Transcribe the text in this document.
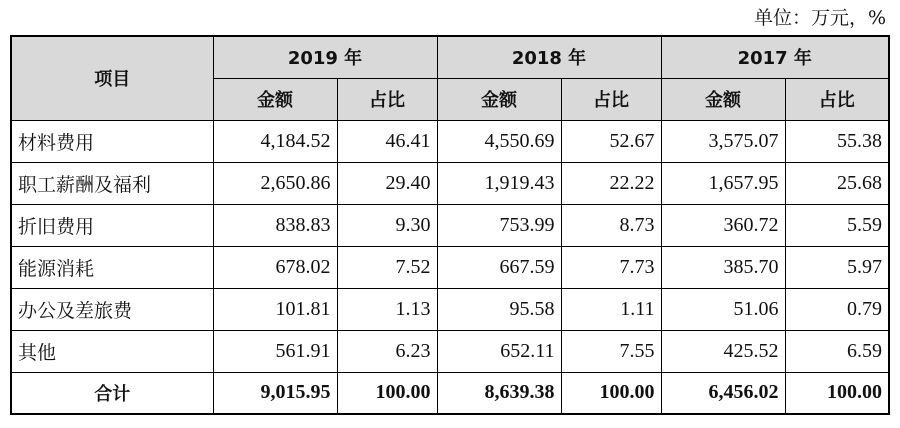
单位：万元，%
项目	2019 年		2018 年		2017 年	
	金额	占比	金额	占比	金额	占比
材料费用	4,184.52	46.41	4,550.69	52.67	3,575.07	55.38
职工薪酬及福利	2,650.86	29.40	1,919.43	22.22	1,657.95	25.68
折旧费用	838.83	9.30	753.99	8.73	360.72	5.59
能源消耗	678.02	7.52	667.59	7.73	385.70	5.97
办公及差旅费	101.81	1.13	95.58	1.11	51.06	0.79
其他	561.91	6.23	652.11	7.55	425.52	6.59
合计	9,015.95	100.00	8,639.38	100.00	6,456.02	100.00
